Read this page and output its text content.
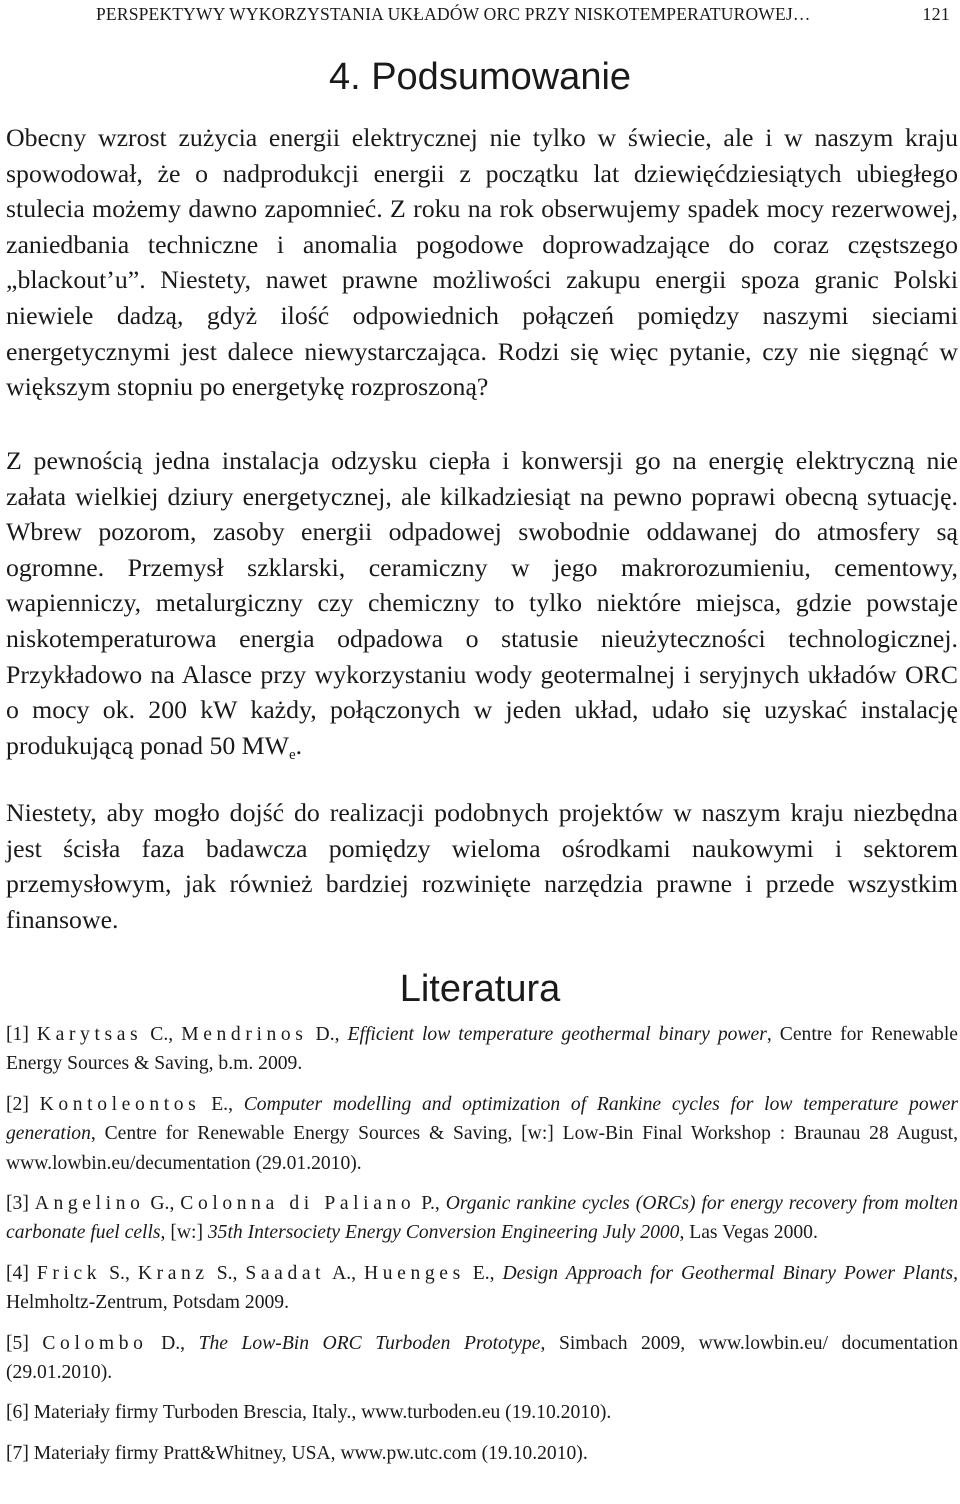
PERSPEKTYWY WYKORZYSTANIA UKŁADÓW ORC PRZY NISKOTEMPERATUROWEJ…	121
4. Podsumowanie

Obecny wzrost zużycia energii elektrycznej nie tylko w świecie, ale i w naszym kraju spowodował, że o nadprodukcji energii z początku lat dziewięćdziesiątych ubiegłego stulecia możemy dawno zapomnieć. Z roku na rok obserwujemy spadek mocy rezerwowej, zaniedbania techniczne i anomalia pogodowe doprowadzające do coraz częstszego „blackout’u”. Niestety, nawet prawne możliwości zakupu energii spoza granic Polski niewiele dadzą, gdyż ilość odpowiednich połączeń pomiędzy naszymi sieciami energetycznymi jest dalece niewystarczająca. Rodzi się więc pytanie, czy nie sięgnąć w większym stopniu po energetykę rozproszoną?

Z pewnością jedna instalacja odzysku ciepła i konwersji go na energię elektryczną nie załata wielkiej dziury energetycznej, ale kilkadziesiąt na pewno poprawi obecną sytuację. Wbrew pozorom, zasoby energii odpadowej swobodnie oddawanej do atmosfery są ogromne. Przemysł szklarski, ceramiczny w jego makrorozumieniu, cementowy, wapienniczy, metalurgiczny czy chemiczny to tylko niektóre miejsca, gdzie powstaje niskotemperaturowa energia odpadowa o statusie nieużyteczności technologicznej. Przykładowo na Alasce przy wykorzystaniu wody geotermalnej i seryjnych układów ORC o mocy ok. 200 kW każdy, połączonych w jeden układ, udało się uzyskać instalację produkującą ponad 50 $MW_e$.

Niestety, aby mogło dojść do realizacji podobnych projektów w naszym kraju niezbędna jest ścisła faza badawcza pomiędzy wieloma ośrodkami naukowymi i sektorem przemysłowym, jak również bardziej rozwinięte narzędzia prawne i przede wszystkim finansowe.

Literatura

[1] Karytsas C., Mendrinos D., Efficient low temperature geothermal binary power, Centre for Renewable Energy Sources & Saving, b.m. 2009.

[2] Kontoleontos E., Computer modelling and optimization of Rankine cycles for low temperature power generation, Centre for Renewable Energy Sources & Saving, [w:] Low-Bin Final Workshop : Braunau 28 August, www.lowbin.eu/decumentation (29.01.2010).

[3] Angelino G., Colonna di Paliano P., Organic rankine cycles (ORCs) for energy recovery from molten carbonate fuel cells, [w:] 35th Intersociety Energy Conversion Engineering July 2000, Las Vegas 2000.

[4] Frick S., Kranz S., Saadat A., Huenges E., Design Approach for Geothermal Binary Power Plants, Helmholtz-Zentrum, Potsdam 2009.

[5] Colombo D., The Low-Bin ORC Turboden Prototype, Simbach 2009, www.lowbin.eu/ documentation (29.01.2010).

[6] Materiały firmy Turboden Brescia, Italy., www.turboden.eu (19.10.2010).

[7] Materiały firmy Pratt&Whitney, USA, www.pw.utc.com (19.10.2010).
